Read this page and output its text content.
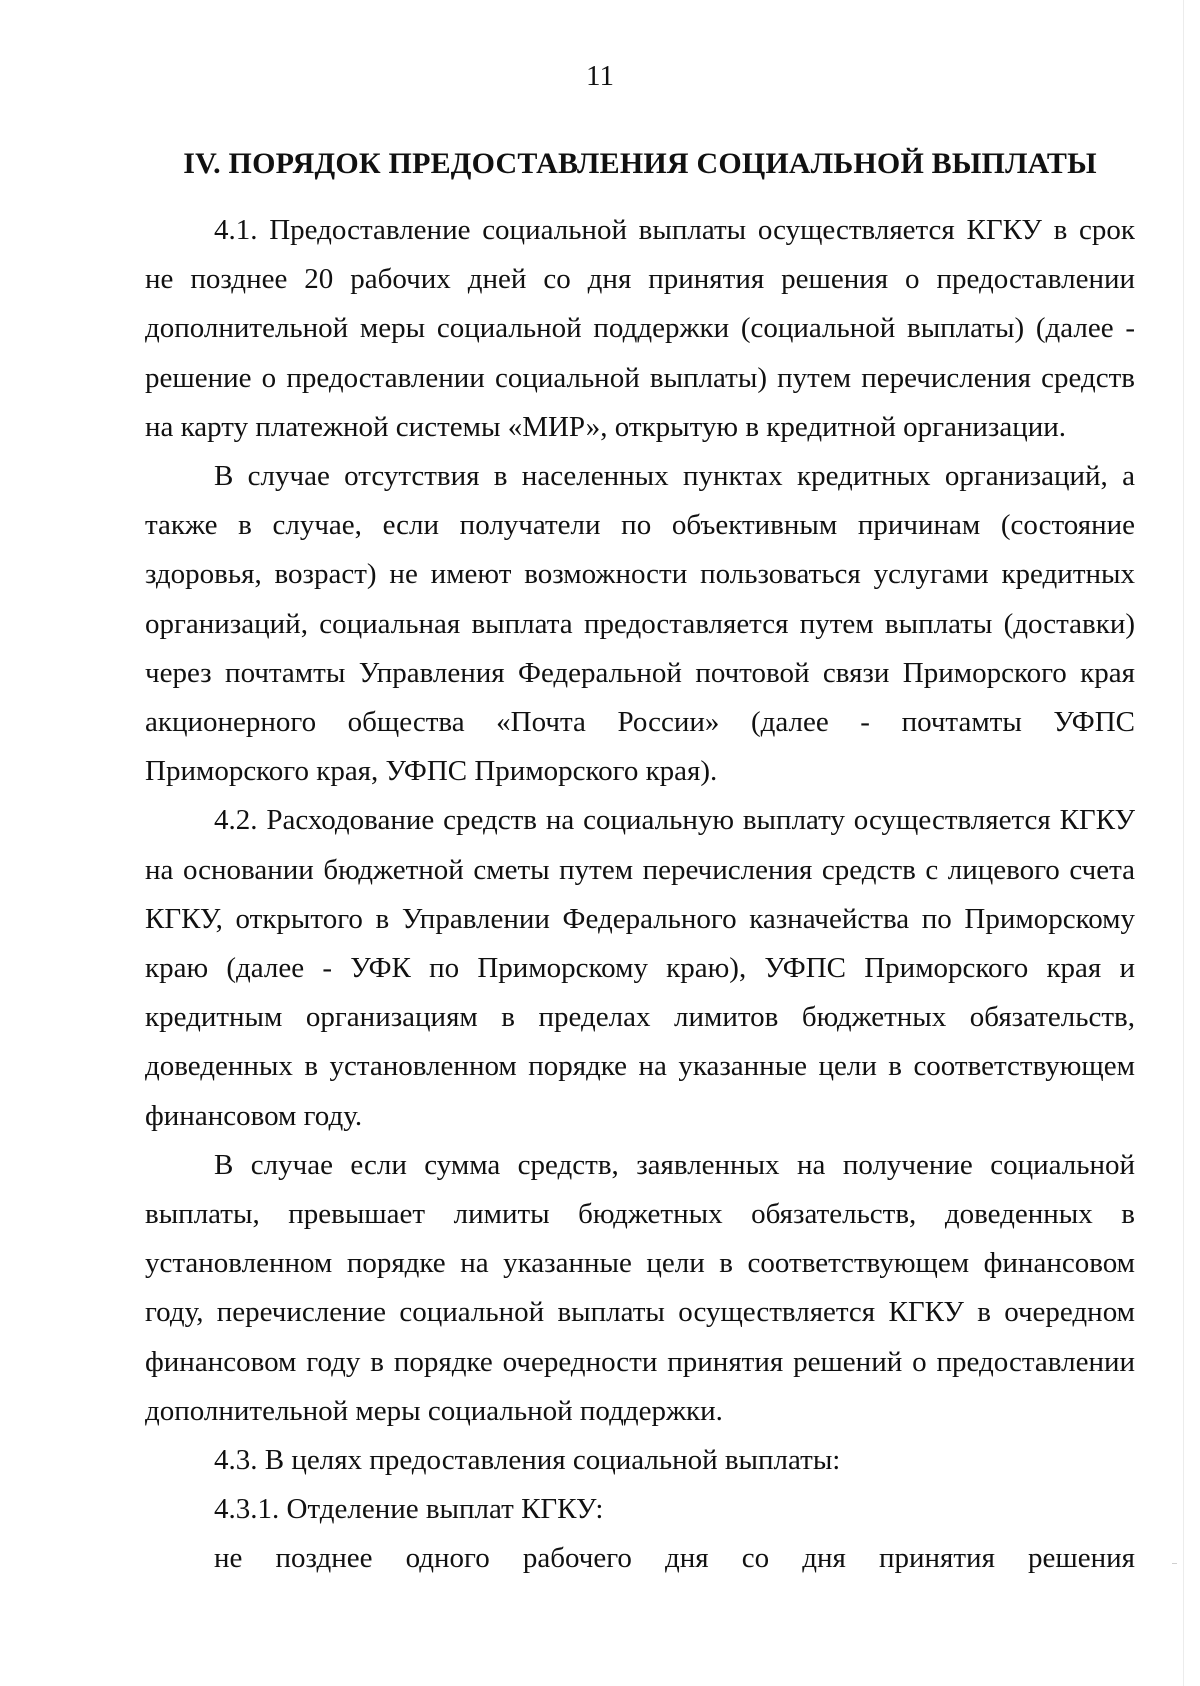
11
IV. ПОРЯДОК ПРЕДОСТАВЛЕНИЯ СОЦИАЛЬНОЙ ВЫПЛАТЫ

4.1. Предоставление социальной выплаты осуществляется КГКУ в срок не позднее 20 рабочих дней со дня принятия решения о предоставлении дополнительной меры социальной поддержки (социальной выплаты) (далее - решение о предоставлении социальной выплаты) путем перечисления средств на карту платежной системы «МИР», открытую в кредитной организации.

В случае отсутствия в населенных пунктах кредитных организаций, а также в случае, если получатели по объективным причинам (состояние здоровья, возраст) не имеют возможности пользоваться услугами кредитных организаций, социальная выплата предоставляется путем выплаты (доставки) через почтамты Управления Федеральной почтовой связи Приморского края акционерного общества «Почта России» (далее - почтамты УФПС Приморского края, УФПС Приморского края).

4.2. Расходование средств на социальную выплату осуществляется КГКУ на основании бюджетной сметы путем перечисления средств с лицевого счета КГКУ, открытого в Управлении Федерального казначейства по Приморскому краю (далее - УФК по Приморскому краю), УФПС Приморского края и кредитным организациям в пределах лимитов бюджетных обязательств, доведенных в установленном порядке на указанные цели в соответствующем финансовом году.

В случае если сумма средств, заявленных на получение социальной выплаты, превышает лимиты бюджетных обязательств, доведенных в установленном порядке на указанные цели в соответствующем финансовом году, перечисление социальной выплаты осуществляется КГКУ в очередном финансовом году в порядке очередности принятия решений о предоставлении дополнительной меры социальной поддержки.

4.3. В целях предоставления социальной выплаты:

4.3.1. Отделение выплат КГКУ:

не позднее одного рабочего дня со дня принятия решения
